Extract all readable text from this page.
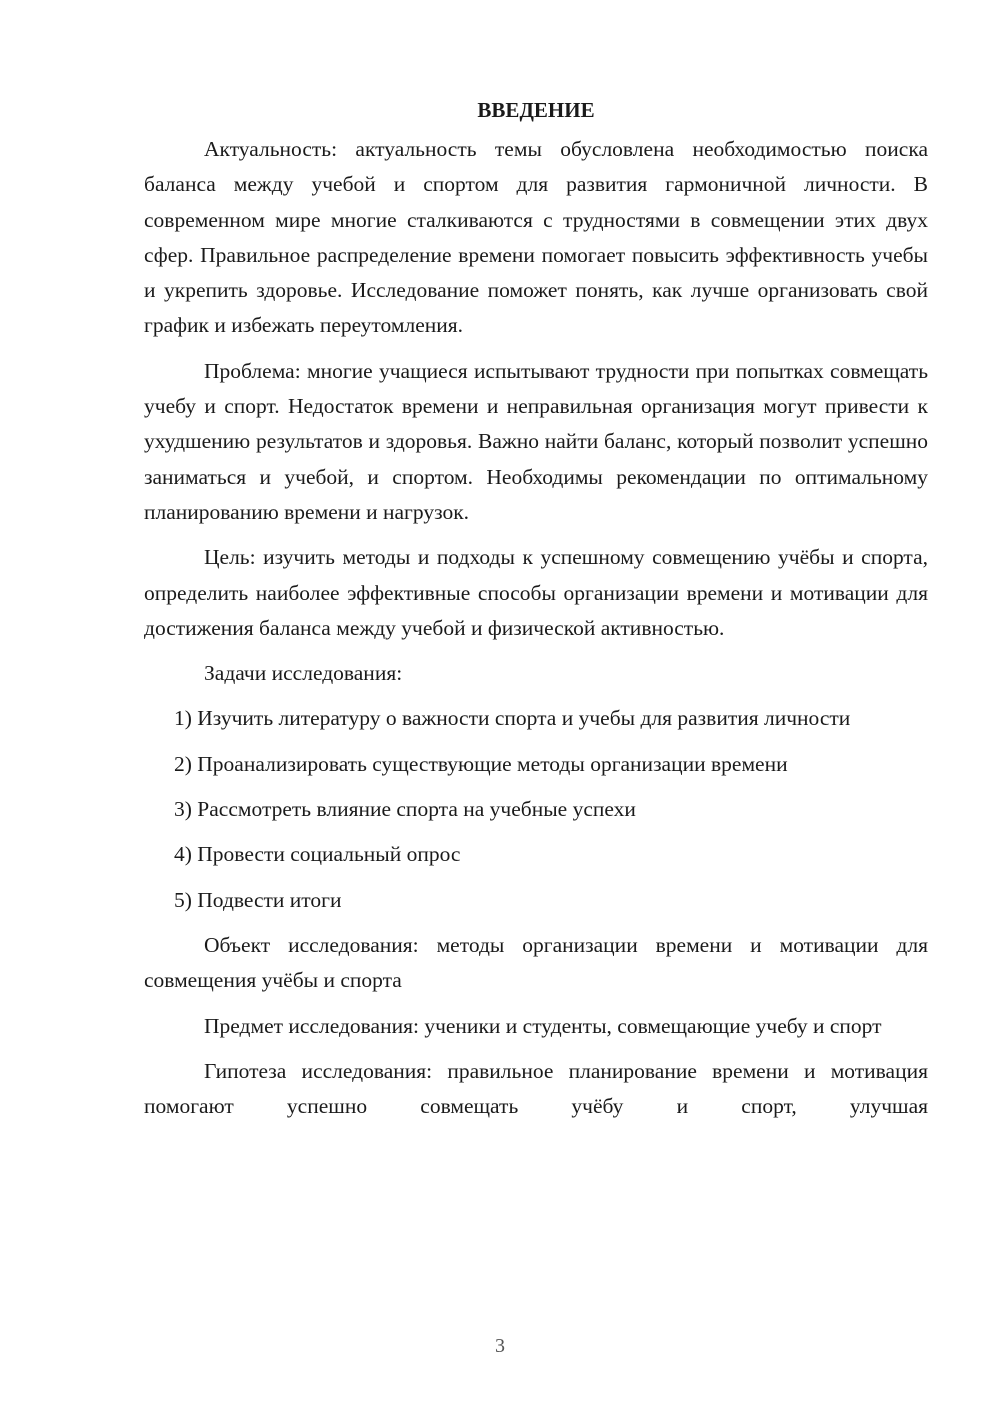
ВВЕДЕНИЕ

Актуальность: актуальность темы обусловлена необходимостью поиска баланса между учебой и спортом для развития гармоничной личности. В современном мире многие сталкиваются с трудностями в совмещении этих двух сфер. Правильное распределение времени помогает повысить эффективность учебы и укрепить здоровье. Исследование поможет понять, как лучше организовать свой график и избежать переутомления.

Проблема: многие учащиеся испытывают трудности при попытках совмещать учебу и спорт. Недостаток времени и неправильная организация могут привести к ухудшению результатов и здоровья. Важно найти баланс, который позволит успешно заниматься и учебой, и спортом. Необходимы рекомендации по оптимальному планированию времени и нагрузок.

Цель: изучить методы и подходы к успешному совмещению учёбы и спорта, определить наиболее эффективные способы организации времени и мотивации для достижения баланса между учебой и физической активностью.

Задачи исследования:

1) Изучить литературу о важности спорта и учебы для развития личности

2) Проанализировать существующие методы организации времени

3) Рассмотреть влияние спорта на учебные успехи

4) Провести социальный опрос

5) Подвести итоги

Объект исследования: методы организации времени и мотивации для совмещения учёбы и спорта

Предмет исследования: ученики и студенты, совмещающие учебу и спорт

Гипотеза исследования: правильное планирование времени и мотивация помогают успешно совмещать учёбу и спорт, улучшая

3
